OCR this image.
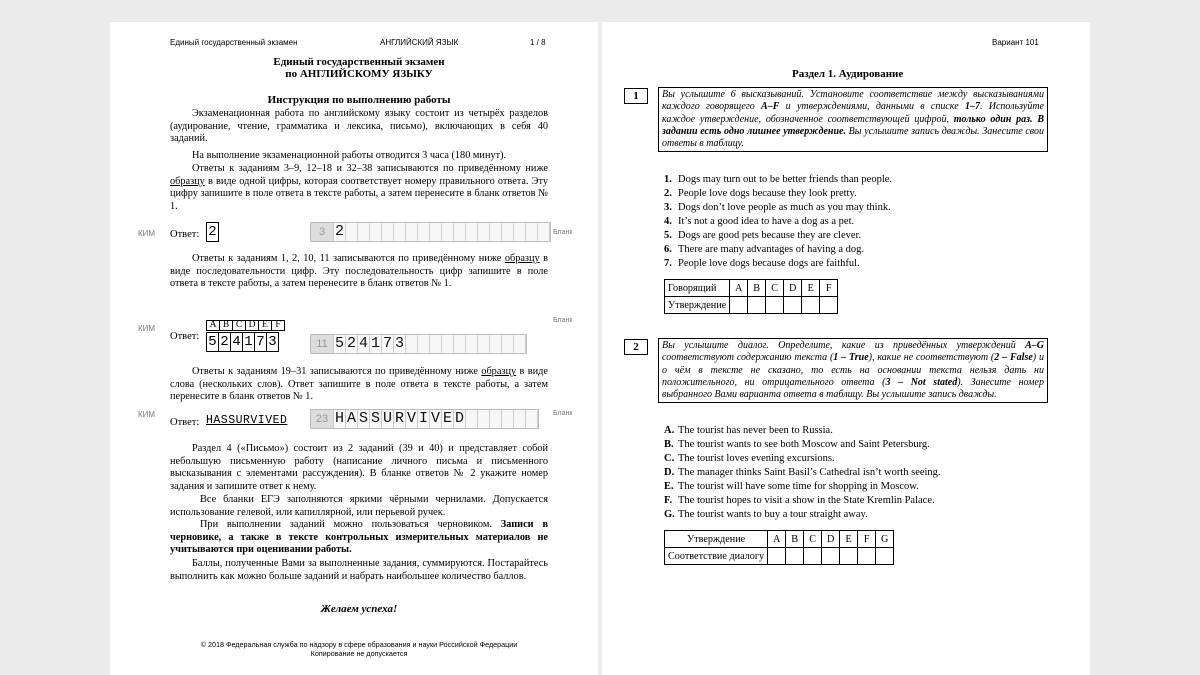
Единый государственный экзамен	АНГЛИЙСКИЙ ЯЗЫК	1 / 8
Единый государственный экзамен
по АНГЛИЙСКОМУ ЯЗЫКУ
Инструкция по выполнению работы
Экзаменационная работа по английскому языку состоит из четырёх разделов (аудирование, чтение, грамматика и лексика, письмо), включающих в себя 40 заданий.
На выполнение экзаменационной работы отводится 3 часа (180 минут).
Ответы к заданиям 3–9, 12–18 и 32–38 записываются по приведённому ниже образцу в виде одной цифры, которая соответствует номеру правильного ответа. Эту цифру запишите в поле ответа в тексте работы, а затем перенесите в бланк ответов № 1.
КИМ Ответ: 2	3 2	Бланк
Ответы к заданиям 1, 2, 10, 11 записываются по приведённому ниже образцу в виде последовательности цифр. Эту последовательность цифр запишите в поле ответа в тексте работы, а затем перенесите в бланк ответов № 1.
КИМ
Бланк
Ответ:
A	B	C	D	E	F
5 2 4 1 7 3	11 5 2 4 1 7 3
Ответы к заданиям 19–31 записываются по приведённому ниже образцу в виде слова (нескольких слов). Ответ запишите в поле ответа в тексте работы, а затем перенесите в бланк ответов № 1.
КИМ	Бланк
Ответ: HASSURVIVED	23 H A S S U R V I V E D
Раздел 4 («Письмо») состоит из 2 заданий (39 и 40) и представляет собой небольшую письменную работу (написание личного письма и письменного высказывания с элементами рассуждения). В бланке ответов № 2 укажите номер задания и запишите ответ к нему.
Все бланки ЕГЭ заполняются яркими чёрными чернилами. Допускается использование гелевой, или капиллярной, или перьевой ручек.
При выполнении заданий можно пользоваться черновиком. Записи в черновике, а также в тексте контрольных измерительных материалов не учитываются при оценивании работы.
Баллы, полученные Вами за выполненные задания, суммируются. Постарайтесь выполнить как можно больше заданий и набрать наибольшее количество баллов.
Желаем успеха!
© 2018 Федеральная служба по надзору в сфере образования и науки Российской Федерации
Копирование не допускается
Вариант 101
Раздел 1. Аудирование
1	Вы услышите 6 высказываний. Установите соответствие между высказываниями каждого говорящего A–F и утверждениями, данными в списке 1–7. Используйте каждое утверждение, обозначенное соответствующей цифрой, только один раз. В задании есть одно лишнее утверждение. Вы услышите запись дважды. Занесите свои ответы в таблицу.
1. Dogs may turn out to be better friends than people.
2. People love dogs because they look pretty.
3. Dogs don’t love people as much as you may think.
4. It’s not a good idea to have a dog as a pet.
5. Dogs are good pets because they are clever.
6. There are many advantages of having a dog.
7. People love dogs because dogs are faithful.
Говорящий	A	B	C	D	E	F
Утверждение						
2	Вы услышите диалог. Определите, какие из приведённых утверждений A–G соответствуют содержанию текста (1 – True), какие не соответствуют (2 – False) и о чём в тексте не сказано, то есть на основании текста нельзя дать ни положительного, ни отрицательного ответа (3 – Not stated). Занесите номер выбранного Вами варианта ответа в таблицу. Вы услышите запись дважды.
A. The tourist has never been to Russia.
B. The tourist wants to see both Moscow and Saint Petersburg.
C. The tourist loves evening excursions.
D. The manager thinks Saint Basil’s Cathedral isn’t worth seeing.
E. The tourist will have some time for shopping in Moscow.
F. The tourist hopes to visit a show in the State Kremlin Palace.
G. The tourist wants to buy a tour straight away.
Утверждение	A	B	C	D	E	F	G
Соответствие диалогу							
